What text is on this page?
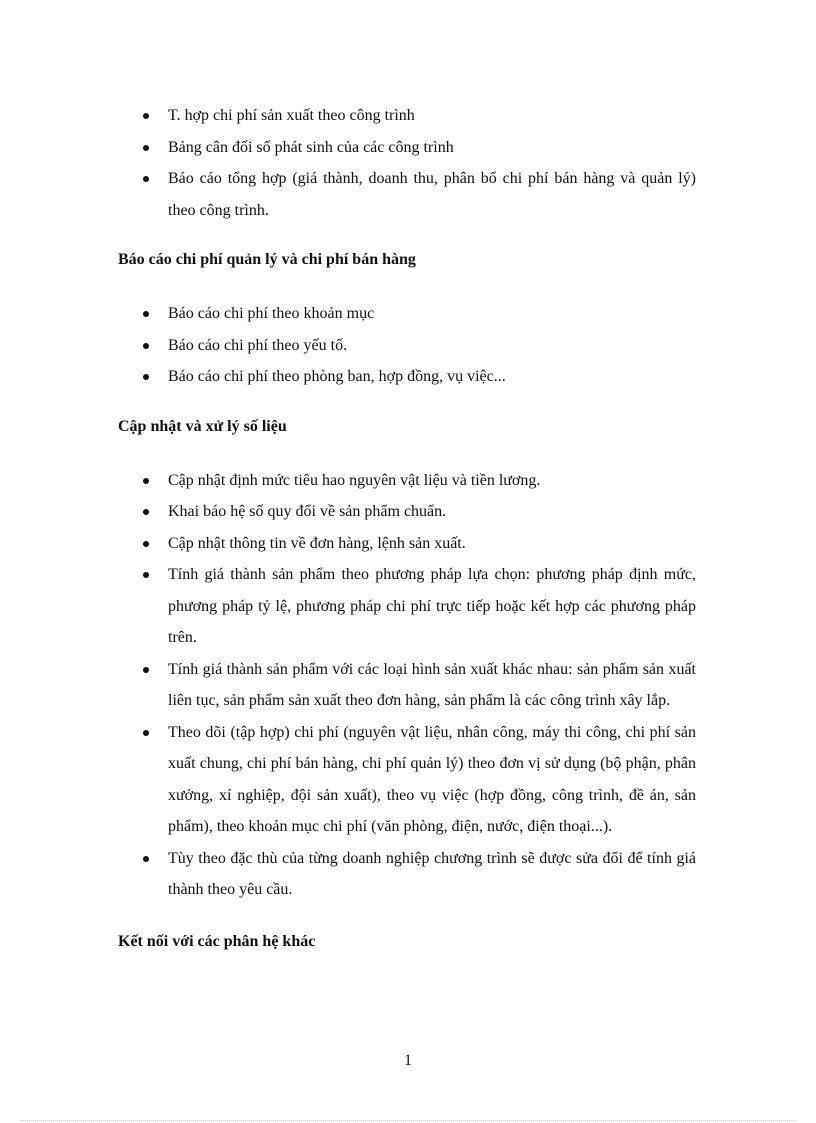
T. hợp chi phí sản xuất theo công trình
Bảng cân đối số phát sinh của các công trình
Báo cáo tổng hợp (giá thành, doanh thu, phân bổ chi phí bán hàng và quản lý) theo công trình.

Báo cáo chi phí quản lý và chi phí bán hàng

Báo cáo chi phí theo khoản mục
Báo cáo chi phí theo yếu tố.
Báo cáo chi phí theo phòng ban, hợp đồng, vụ việc...

Cập nhật và xử lý số liệu

Cập nhật định mức tiêu hao nguyên vật liệu và tiền lương.
Khai báo hệ số quy đổi về sản phẩm chuẩn.
Cập nhật thông tin về đơn hàng, lệnh sản xuất.
Tính giá thành sản phẩm theo phương pháp lựa chọn: phương pháp định mức, phương pháp tỷ lệ, phương pháp chi phí trực tiếp hoặc kết hợp các phương pháp trên.
Tính giá thành sản phẩm với các loại hình sản xuất khác nhau: sản phẩm sản xuất liên tục, sản phẩm sản xuất theo đơn hàng, sản phẩm là các công trình xây lắp.
Theo dõi (tập hợp) chi phí (nguyên vật liệu, nhân công, máy thi công, chi phí sản xuất chung, chi phí bán hàng, chi phí quản lý) theo đơn vị sử dụng (bộ phận, phân xưởng, xí nghiệp, đội sản xuất), theo vụ việc (hợp đồng, công trình, đề án, sản phẩm), theo khoản mục chi phí (văn phòng, điện, nước, điện thoại...).
Tùy theo đặc thù của từng doanh nghiệp chương trình sẽ được sửa đổi để tính giá thành theo yêu cầu.

Kết nối với các phân hệ khác

1
